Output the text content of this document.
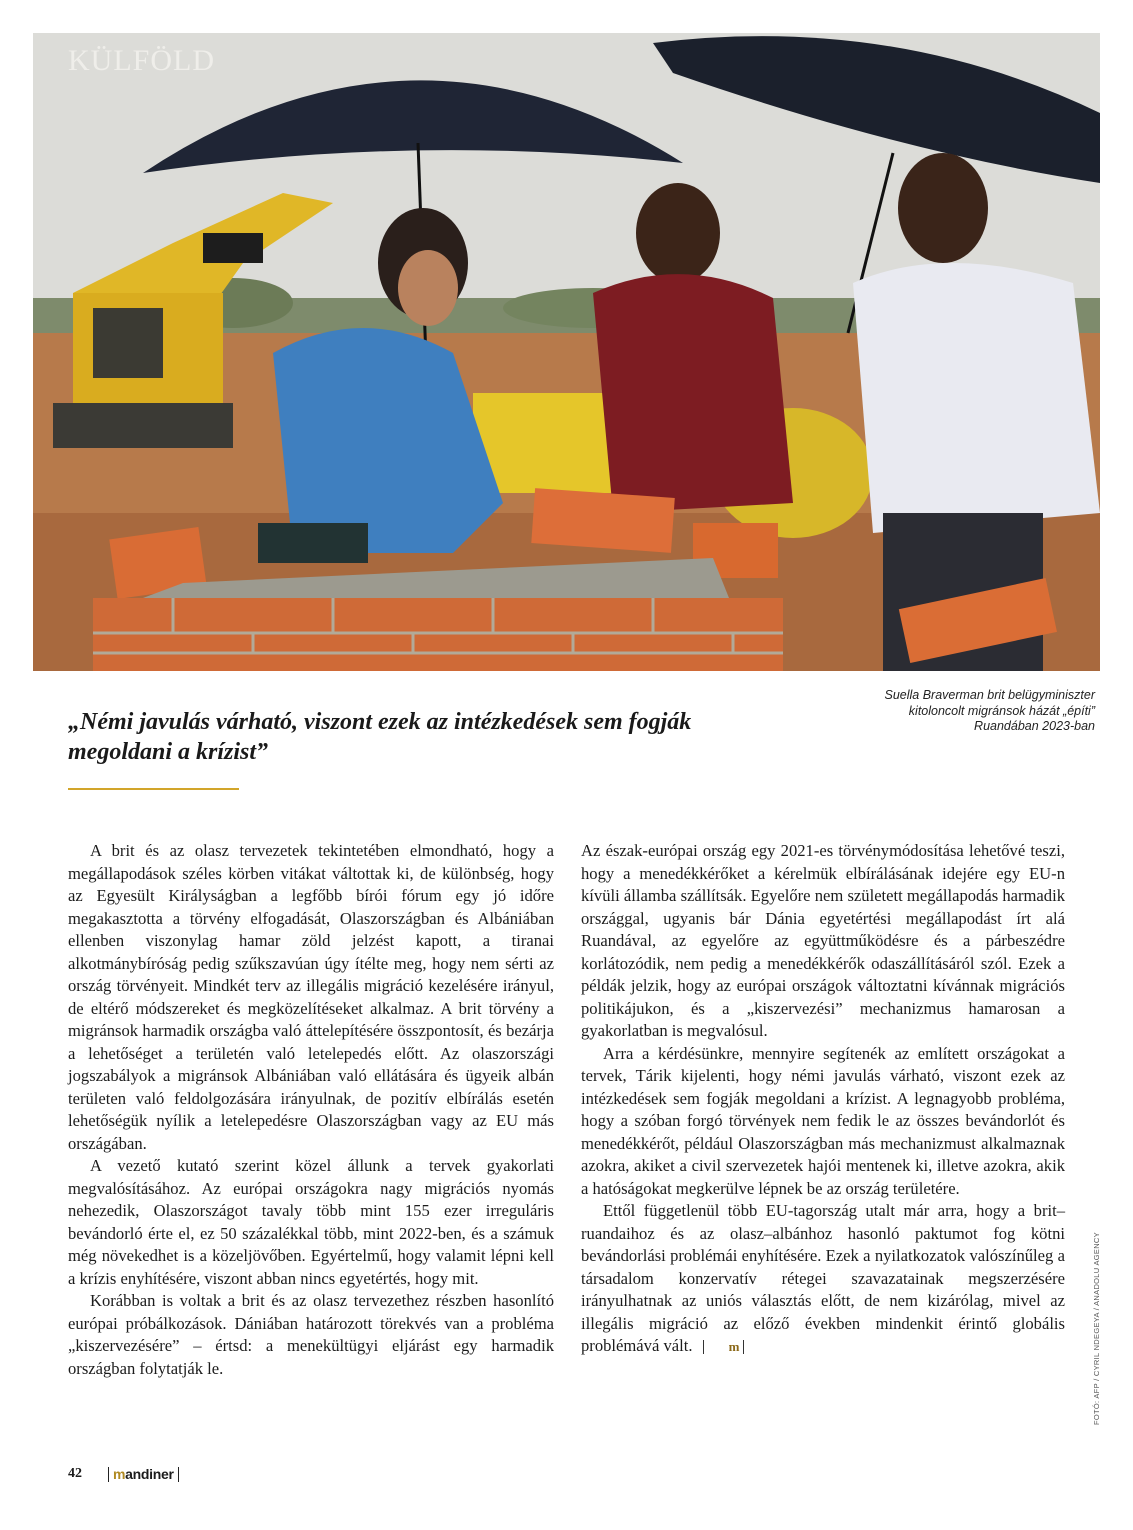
KÜLFÖLD
„Némi javulás várható, viszont ezek az intézkedések sem fogják megoldani a krízist”
Suella Braverman brit belügyminiszter kitoloncolt migránsok házát „építi” Ruandában 2023-ban

A brit és az olasz tervezetek tekintetében elmondható, hogy a megállapodások széles körben vitákat váltottak ki, de különbség, hogy az Egyesült Királyságban a legfőbb bírói fórum egy jó időre megakasztotta a törvény elfogadását, Olaszországban és Albániában ellenben viszonylag hamar zöld jelzést kapott, a tiranai alkotmánybíróság pedig szűkszavúan úgy ítélte meg, hogy nem sérti az ország törvényeit. Mindkét terv az illegális migráció kezelésére irányul, de eltérő módszereket és megközelítéseket alkalmaz. A brit törvény a migránsok harmadik országba való áttelepítésére összpontosít, és bezárja a lehetőséget a területén való letelepedés előtt. Az olaszországi jogszabályok a migránsok Albániában való ellátására és ügyeik albán területen való feldolgozására irányulnak, de pozitív elbírálás esetén lehetőségük nyílik a letelepedésre Olaszországban vagy az EU más országában.

A vezető kutató szerint közel állunk a tervek gyakorlati megvalósításához. Az európai országokra nagy migrációs nyomás nehezedik, Olaszországot tavaly több mint 155 ezer irreguláris bevándorló érte el, ez 50 százalékkal több, mint 2022-ben, és a számuk még növekedhet is a közeljövőben. Egyértelmű, hogy valamit lépni kell a krízis enyhítésére, viszont abban nincs egyetértés, hogy mit.

Korábban is voltak a brit és az olasz tervezethez részben hasonlító európai próbálkozások. Dániában határozott törekvés van a probléma „kiszervezésére” – értsd: a menekültügyi eljárást egy harmadik országban folytatják le.

Az észak-európai ország egy 2021-es törvénymódosítása lehetővé teszi, hogy a menedékkérőket a kérelmük elbírálásának idejére egy EU-n kívüli államba szállítsák. Egyelőre nem született megállapodás harmadik országgal, ugyanis bár Dánia egyetértési megállapodást írt alá Ruandával, az egyelőre az együttműködésre és a párbeszédre korlátozódik, nem pedig a menedékkérők odaszállításáról szól. Ezek a példák jelzik, hogy az európai országok változtatni kívánnak migrációs politikájukon, és a „kiszervezési” mechanizmus hamarosan a gyakorlatban is megvalósul.

Arra a kérdésünkre, mennyire segítenék az említett országokat a tervek, Tárik kijelenti, hogy némi javulás várható, viszont ezek az intézkedések sem fogják megoldani a krízist. A legnagyobb probléma, hogy a szóban forgó törvények nem fedik le az összes bevándorlót és menedékkérőt, például Olaszországban más mechanizmust alkalmaznak azokra, akiket a civil szervezetek hajói mentenek ki, illetve azokra, akik a hatóságokat megkerülve lépnek be az ország területére.

Ettől függetlenül több EU-tagország utalt már arra, hogy a brit–ruandaihoz és az olasz–albánhoz hasonló paktumot fog kötni bevándorlási problémái enyhítésére. Ezek a nyilatkozatok valószínűleg a társadalom konzervatív rétegei szavazatainak megszerzésére irányulhatnak az uniós választás előtt, de nem kizárólag, mivel az illegális migráció az előző években mindenkit érintő globális problémává vált.	m	FOTÓ: AFP / CYRIL NDEGEYA / ANADOLU AGENCY
42	mandiner
